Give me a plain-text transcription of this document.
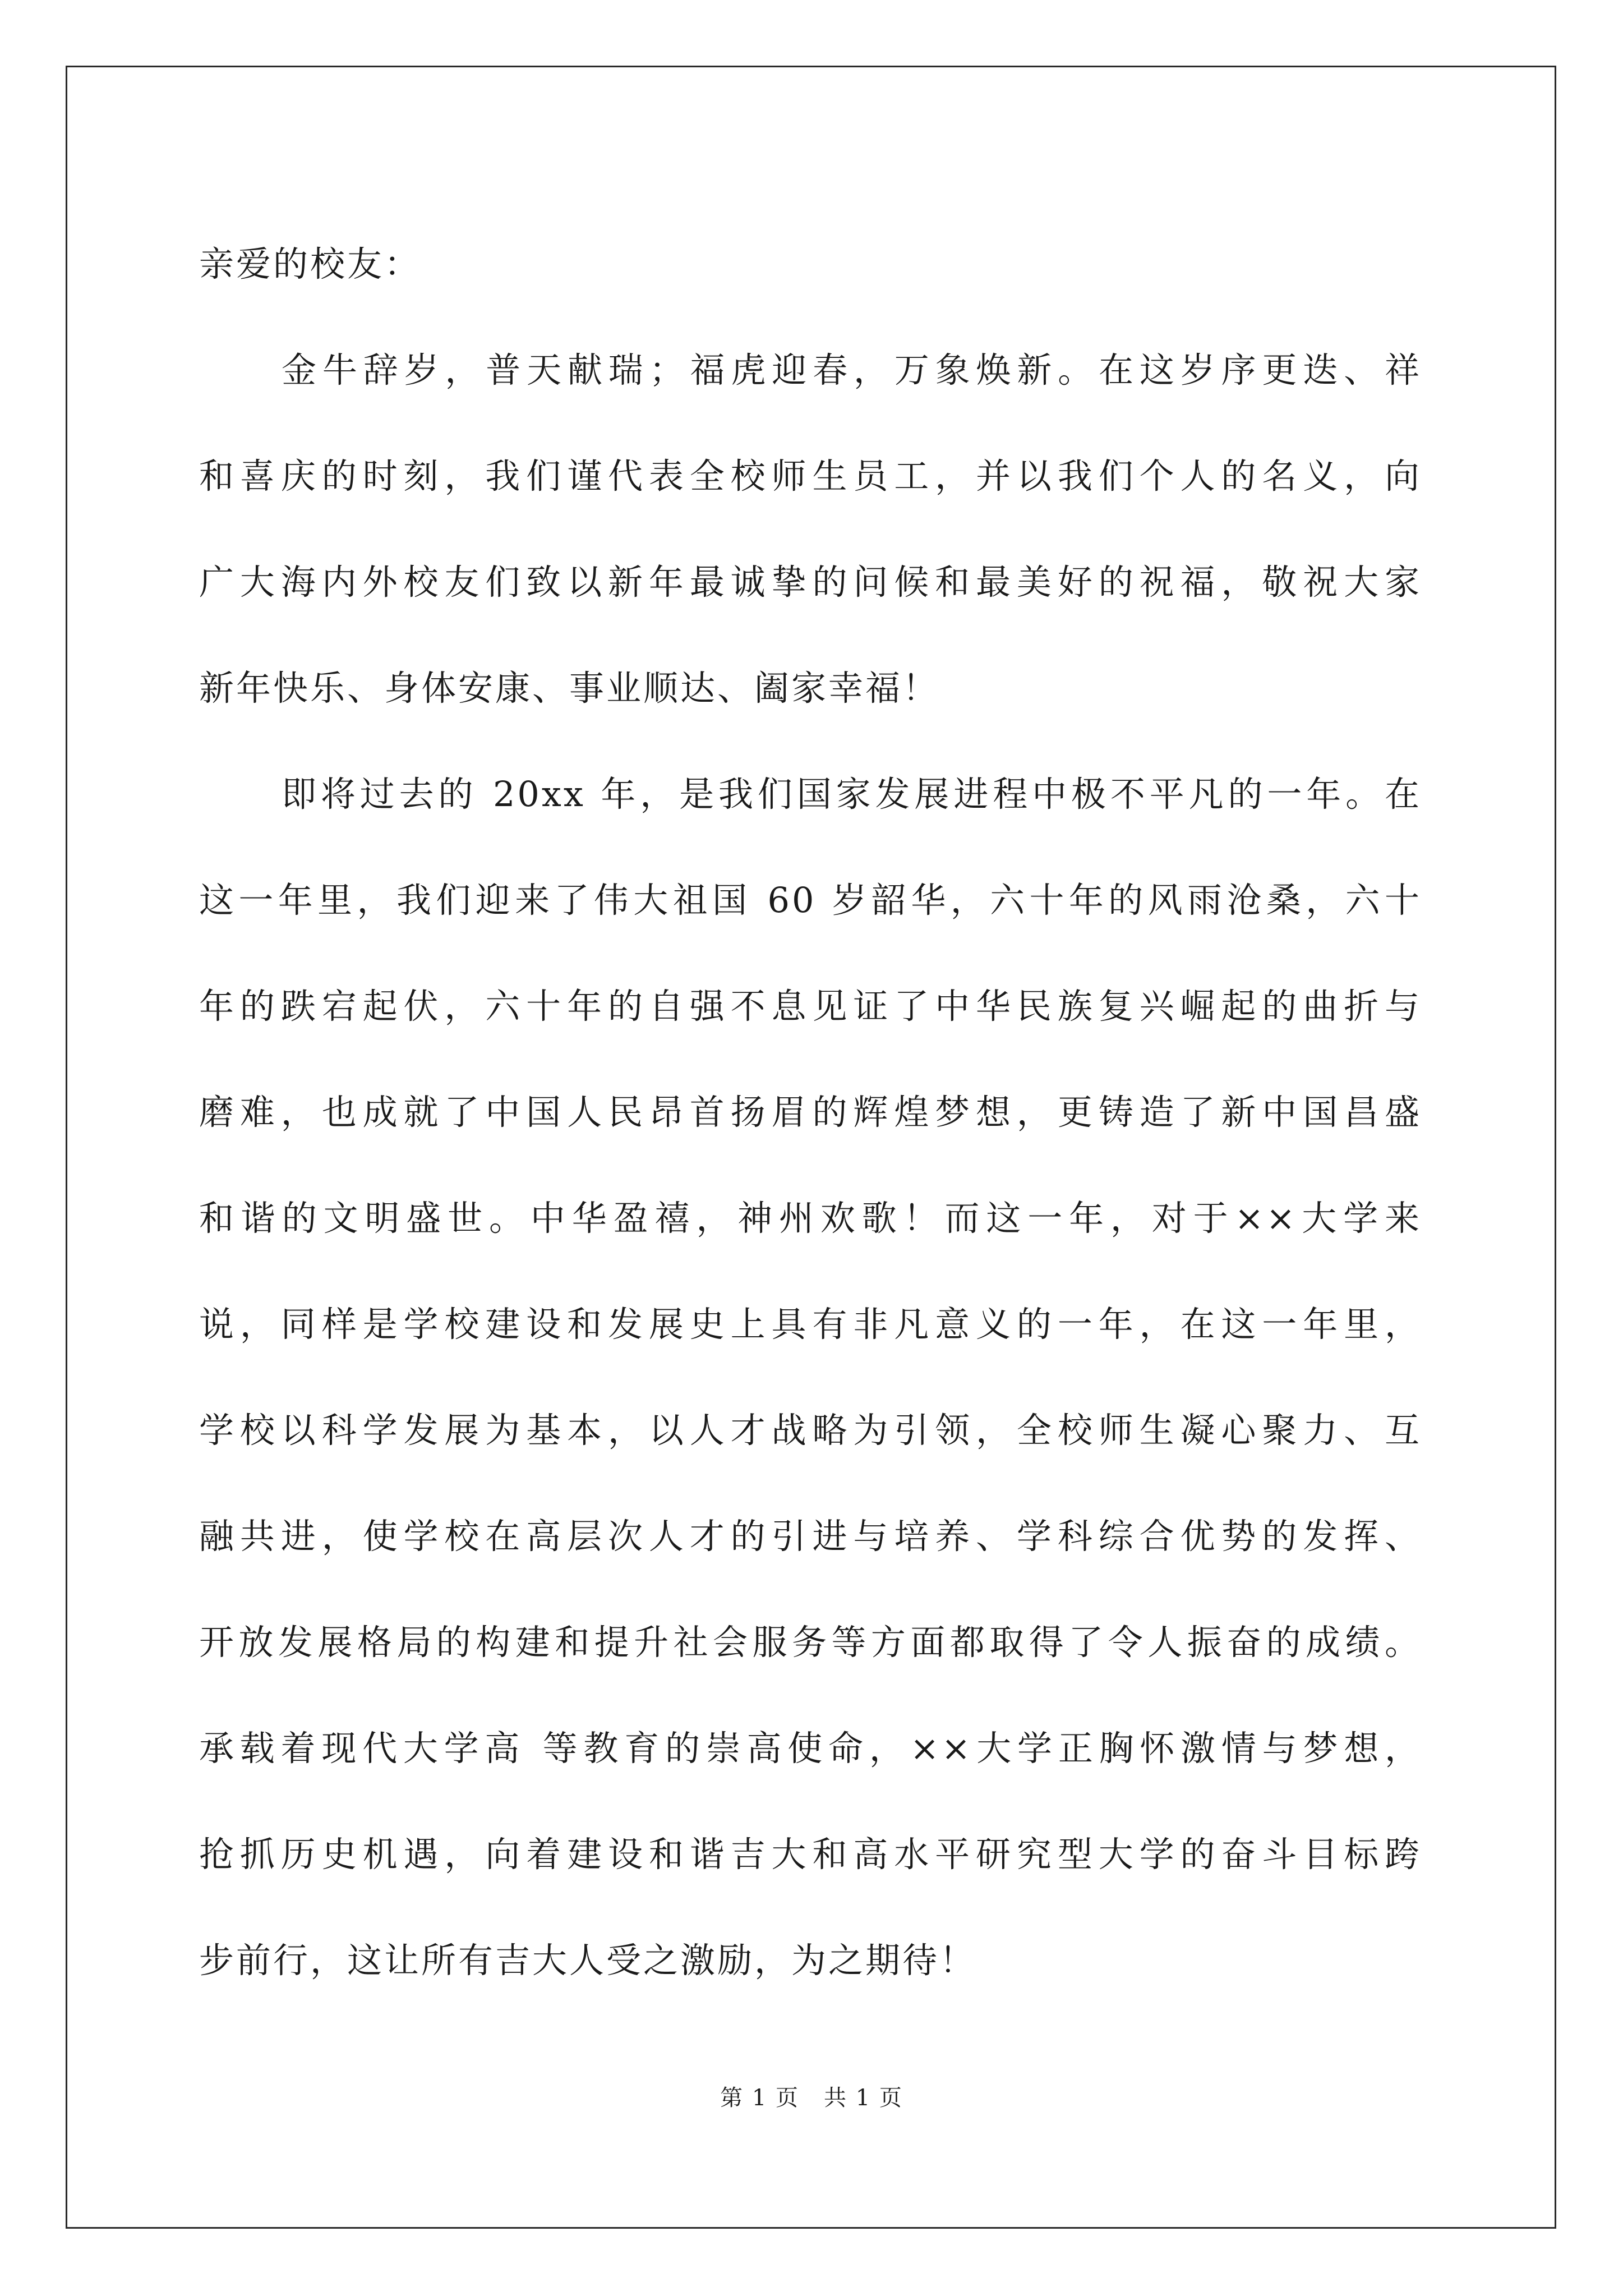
亲爱的校友：

金牛辞岁，普天献瑞；福虎迎春，万象焕新。在这岁序更迭、祥
和喜庆的时刻，我们谨代表全校师生员工，并以我们个人的名义，向
广大海内外校友们致以新年最诚挚的问候和最美好的祝福，敬祝大家
新年快乐、身体安康、事业顺达、阖家幸福！

即将过去的 20xx 年，是我们国家发展进程中极不平凡的一年。在
这一年里，我们迎来了伟大祖国 60 岁韶华，六十年的风雨沧桑，六十
年的跌宕起伏，六十年的自强不息见证了中华民族复兴崛起的曲折与
磨难，也成就了中国人民昂首扬眉的辉煌梦想，更铸造了新中国昌盛
和谐的文明盛世。中华盈禧，神州欢歌！而这一年，对于××大学来
说，同样是学校建设和发展史上具有非凡意义的一年，在这一年里，
学校以科学发展为基本，以人才战略为引领，全校师生凝心聚力、互
融共进，使学校在高层次人才的引进与培养、学科综合优势的发挥、
开放发展格局的构建和提升社会服务等方面都取得了令人振奋的成绩。
承载着现代大学高 等教育的崇高使命，××大学正胸怀激情与梦想，
抢抓历史机遇，向着建设和谐吉大和高水平研究型大学的奋斗目标跨
步前行，这让所有吉大人受之激励，为之期待！

第 1 页 共 1 页
